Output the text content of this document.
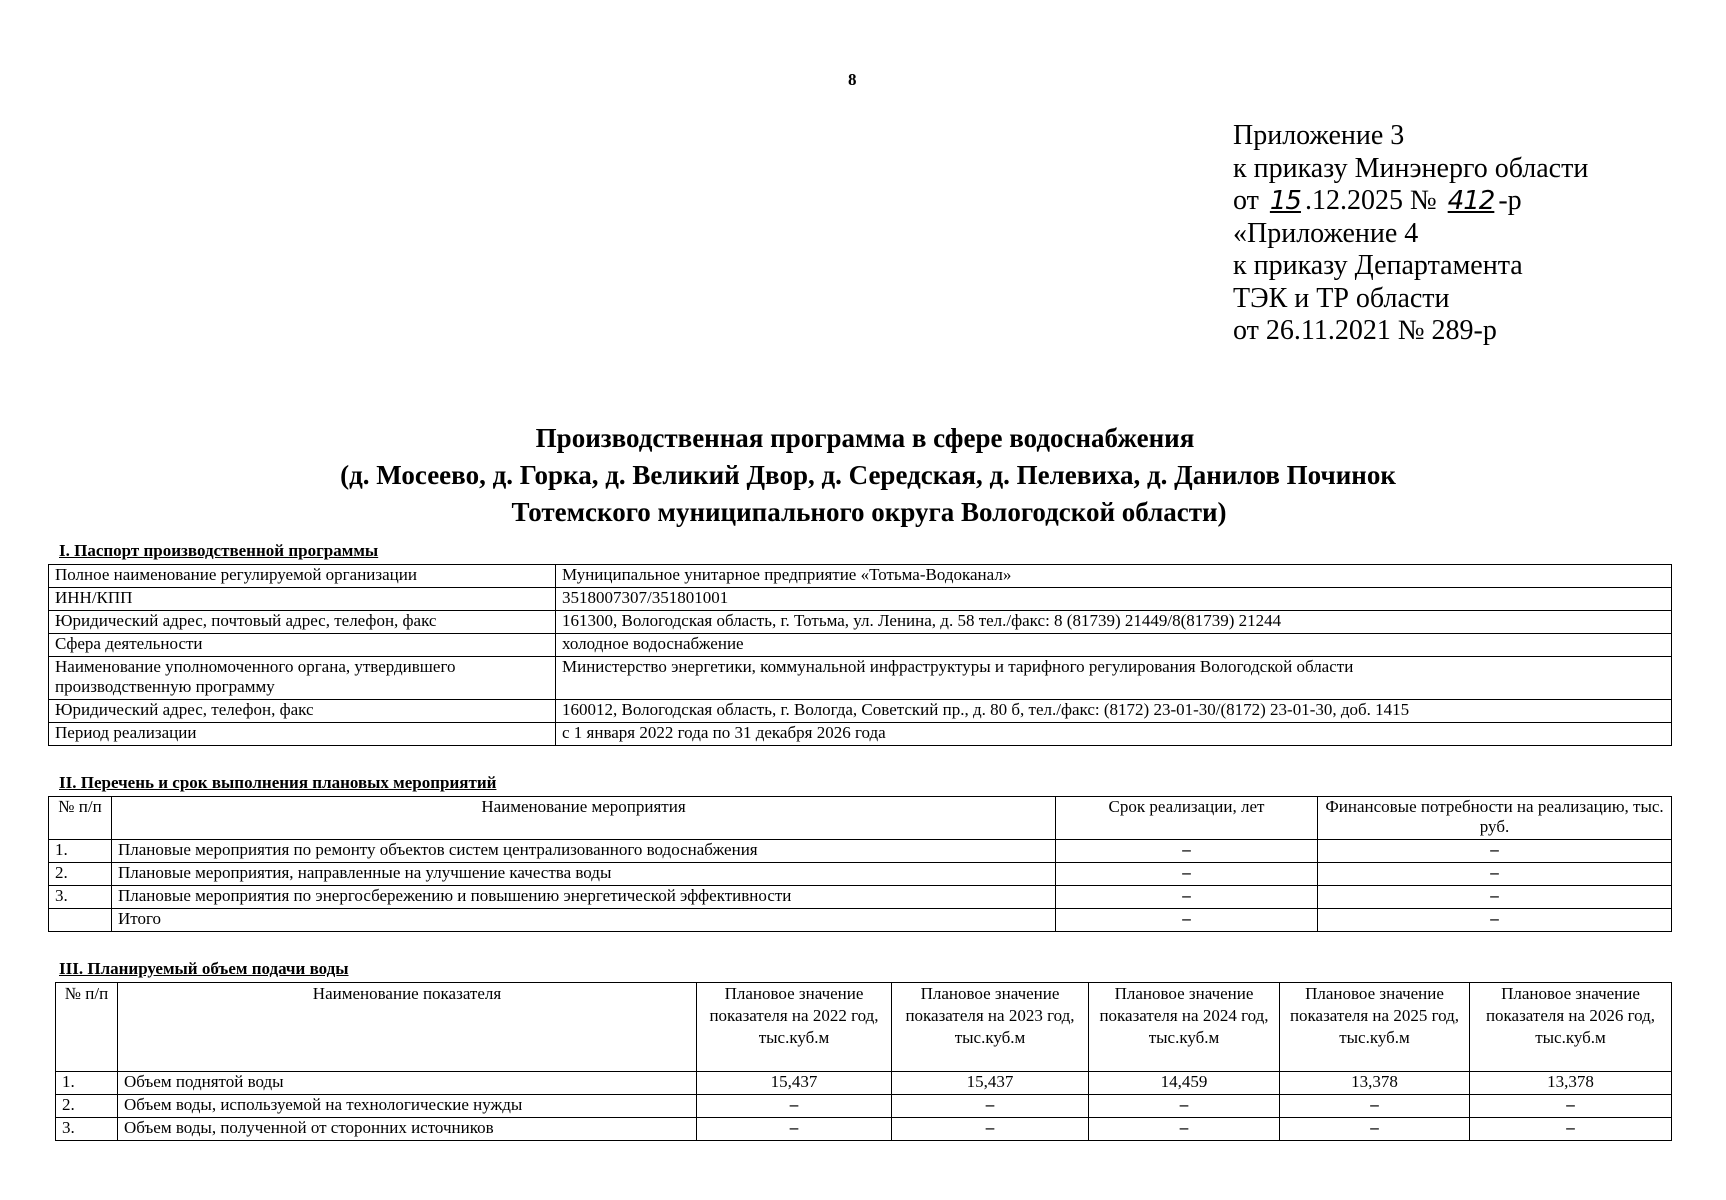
8
Приложение 3
к приказу Минэнерго области
от 15 .12.2025 № 412 -р
«Приложение 4
к приказу Департамента
ТЭК и ТР области
от 26.11.2021 № 289-р
Производственная программа в сфере водоснабжения
(д. Мосеево, д. Горка, д. Великий Двор, д. Середская, д. Пелевиха, д. Данилов Починок
Тотемского муниципального округа Вологодской области)
I. Паспорт производственной программы
Полное наименование регулируемой организации	Муниципальное унитарное предприятие «Тотьма-Водоканал»
ИНН/КПП	3518007307/351801001
Юридический адрес, почтовый адрес, телефон, факс	161300, Вологодская область, г. Тотьма, ул. Ленина, д. 58 тел./факс: 8 (81739) 21449/8(81739) 21244
Сфера деятельности	холодное водоснабжение
Наименование уполномоченного органа, утвердившего производственную программу	Министерство энергетики, коммунальной инфраструктуры и тарифного регулирования Вологодской области
Юридический адрес, телефон, факс	160012, Вологодская область, г. Вологда, Советский пр., д. 80 б, тел./факс: (8172) 23-01-30/(8172) 23-01-30, доб. 1415
Период реализации	с 1 января 2022 года по 31 декабря 2026 года
II. Перечень и срок выполнения плановых мероприятий
№ п/п	Наименование мероприятия	Срок реализации, лет	Финансовые потребности на реализацию, тыс. руб.
1.	Плановые мероприятия по ремонту объектов систем централизованного водоснабжения	–	–
2.	Плановые мероприятия, направленные на улучшение качества воды	–	–
3.	Плановые мероприятия по энергосбережению и повышению энергетической эффективности	–	–
	Итого	–	–
III. Планируемый объем подачи воды
№ п/п	Наименование показателя	Плановое значение показателя на 2022 год, тыс.куб.м	Плановое значение показателя на 2023 год, тыс.куб.м	Плановое значение показателя на 2024 год, тыс.куб.м	Плановое значение показателя на 2025 год, тыс.куб.м	Плановое значение показателя на 2026 год, тыс.куб.м
1.	Объем поднятой воды	15,437	15,437	14,459	13,378	13,378
2.	Объем воды, используемой на технологические нужды	–	–	–	–	–
3.	Объем воды, полученной от сторонних источников	–	–	–	–	–
